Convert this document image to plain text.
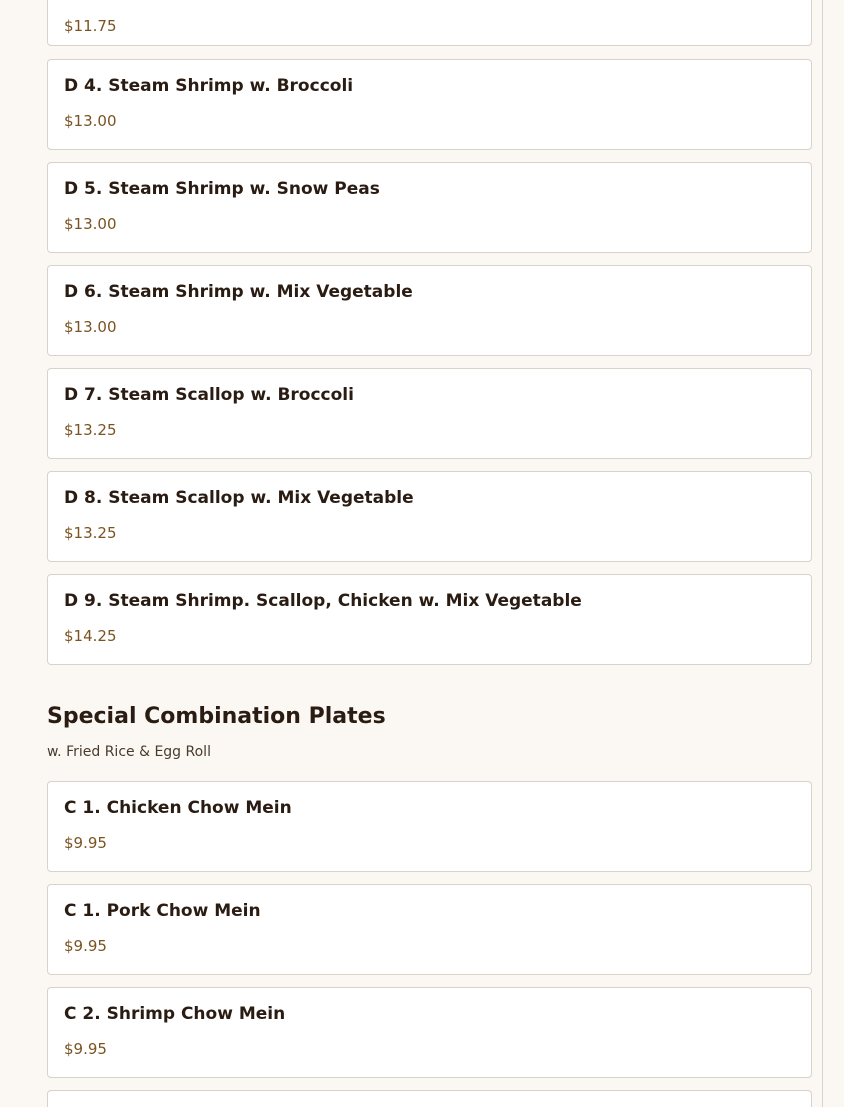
$11.75
D 4. Steam Shrimp w. Broccoli
$13.00
D 5. Steam Shrimp w. Snow Peas
$13.00
D 6. Steam Shrimp w. Mix Vegetable
$13.00
D 7. Steam Scallop w. Broccoli
$13.25
D 8. Steam Scallop w. Mix Vegetable
$13.25
D 9. Steam Shrimp. Scallop, Chicken w. Mix Vegetable
$14.25
Special Combination Plates
w. Fried Rice & Egg Roll
C 1. Chicken Chow Mein
$9.95
C 1. Pork Chow Mein
$9.95
C 2. Shrimp Chow Mein
$9.95
